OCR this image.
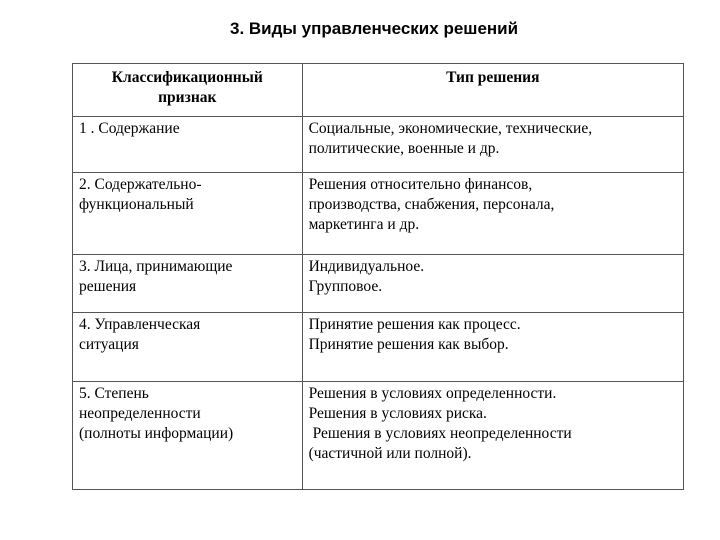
3. Виды управленческих решений
Классификационный
признак	Тип решения

1 . Содержание	Социальные, экономические, технические,
политические, военные и др.

2. Содержательно-
функциональный	Решения относительно финансов,
производства, снабжения, персонала,
маркетинга и др.

3. Лица, принимающие
решения	Индивидуальное.
Групповое.

4. Управленческая
ситуация	Принятие решения как процесс.
Принятие решения как выбор.

5. Степень
неопределенности
(полноты информации)	Решения в условиях определенности.
Решения в условиях риска.
Решения в условиях неопределенности
(частичной или полной).
